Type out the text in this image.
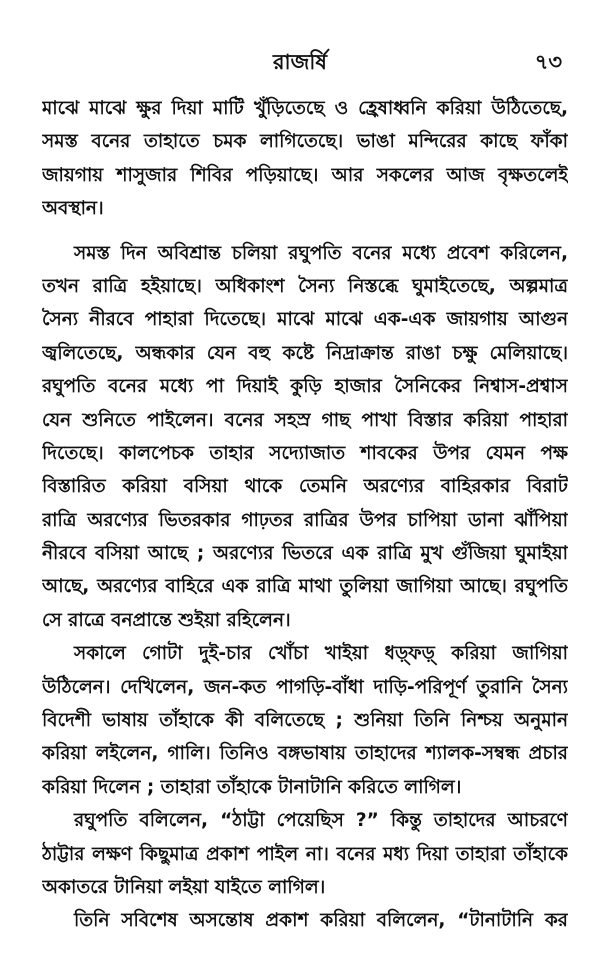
রাজর্ষি	৭৩
মাঝে মাঝে ক্ষুর দিয়া মাটি খুঁড়িতেছে ও হ্রেষাধ্বনি করিয়া উঠিতেছে,
সমস্ত বনের তাহাতে চমক লাগিতেছে। ভাঙা মন্দিরের কাছে ফাঁকা
জায়গায় শাসুজার শিবির পড়িয়াছে। আর সকলের আজ বৃক্ষতলেই
অবস্থান।
সমস্ত দিন অবিশ্রান্ত চলিয়া রঘুপতি বনের মধ্যে প্রবেশ করিলেন,
তখন রাত্রি হইয়াছে। অধিকাংশ সৈন্য নিস্তব্ধে ঘুমাইতেছে, অল্পমাত্র
সৈন্য নীরবে পাহারা দিতেছে। মাঝে মাঝে এক-এক জায়গায় আগুন
জ্বলিতেছে, অন্ধকার যেন বহু কষ্টে নিদ্রাক্রান্ত রাঙা চক্ষু মেলিয়াছে।
রঘুপতি বনের মধ্যে পা দিয়াই কুড়ি হাজার সৈনিকের নিশ্বাস-প্রশ্বাস
যেন শুনিতে পাইলেন। বনের সহস্র গাছ পাখা বিস্তার করিয়া পাহারা
দিতেছে। কালপেচক তাহার সদ্যোজাত শাবকের উপর যেমন পক্ষ
বিস্তারিত করিয়া বসিয়া থাকে তেমনি অরণ্যের বাহিরকার বিরাট
রাত্রি অরণ্যের ভিতরকার গাঢ়তর রাত্রির উপর চাপিয়া ডানা ঝাঁপিয়া
নীরবে বসিয়া আছে ; অরণ্যের ভিতরে এক রাত্রি মুখ গুঁজিয়া ঘুমাইয়া
আছে, অরণ্যের বাহিরে এক রাত্রি মাথা তুলিয়া জাগিয়া আছে। রঘুপতি
সে রাত্রে বনপ্রান্তে শুইয়া রহিলেন।
সকালে গোটা দুই-চার খোঁচা খাইয়া ধড়্‌ফড়্‌ করিয়া জাগিয়া
উঠিলেন। দেখিলেন, জন-কত পাগড়ি-বাঁধা দাড়ি-পরিপূর্ণ তুরানি সৈন্য
বিদেশী ভাষায় তাঁহাকে কী বলিতেছে ; শুনিয়া তিনি নিশ্চয় অনুমান
করিয়া লইলেন, গালি। তিনিও বঙ্গভাষায় তাহাদের শ্যালক-সম্বন্ধ প্রচার
করিয়া দিলেন ; তাহারা তাঁহাকে টানাটানি করিতে লাগিল।
রঘুপতি বলিলেন, “ঠাট্টা পেয়েছিস ?” কিন্তু তাহাদের আচরণে
ঠাট্টার লক্ষণ কিছুমাত্র প্রকাশ পাইল না। বনের মধ্য দিয়া তাহারা তাঁহাকে
অকাতরে টানিয়া লইয়া যাইতে লাগিল।
তিনি সবিশেষ অসন্তোষ প্রকাশ করিয়া বলিলেন, “টানাটানি কর
